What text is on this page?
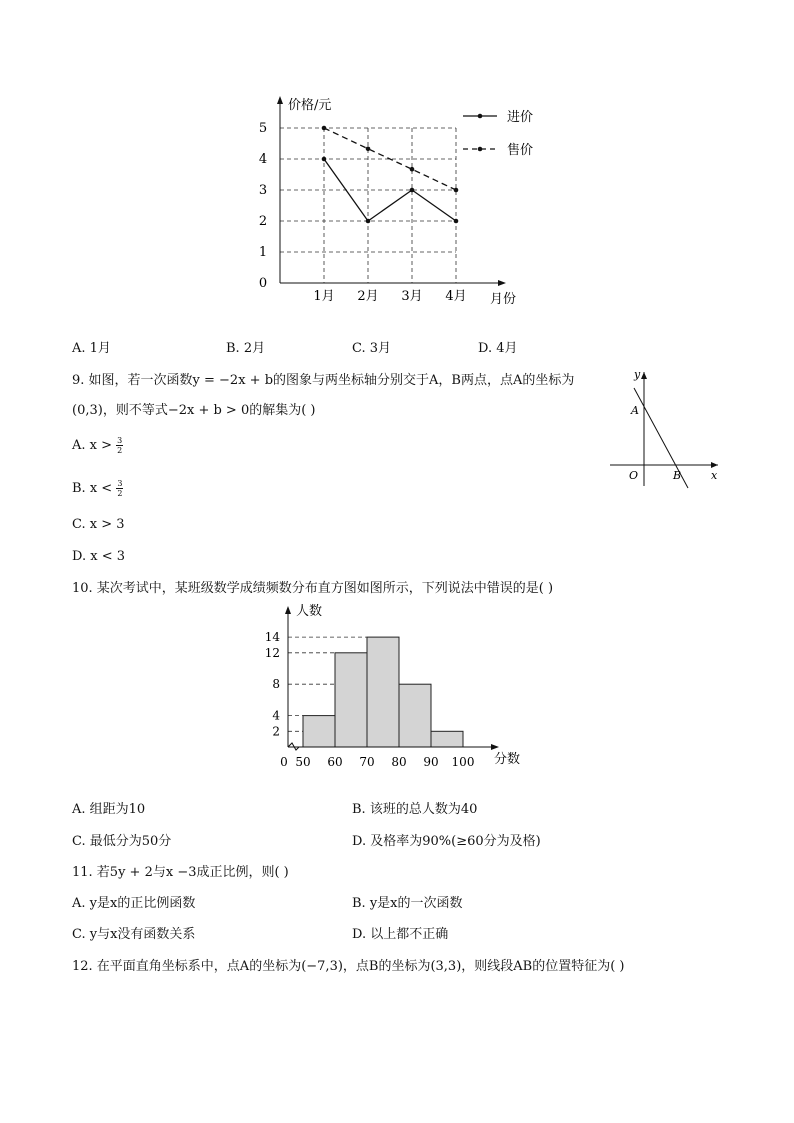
0
1
2
3
4
5
1月 2月 3月 4月
价格/元
月份
进价
售价
A. 1月	B. 2月	C. 3月	D. 4月
9. 如图，若一次函数y = −2x + b的图象与两坐标轴分别交于A，B两点，点A的坐标为
(0,3)，则不等式−2x + b > 0的解集为( )
A. $x > \frac{3}{2}$
B. $x < \frac{3}{2}$
C. x > 3
D. x < 3
y
x
A
O	B
10. 某次考试中，某班级数学成绩频数分布直方图如图所示，下列说法中错误的是( )
2
4
8
12
14
0 50 60 70 80 90 100
人数
分数
A. 组距为10	B. 该班的总人数为40
C. 最低分为50分	D. 及格率为90%(≥60分为及格)
11. 若5y + 2与x −3成正比例，则( )
A. y是x的正比例函数	B. y是x的一次函数
C. y与x没有函数关系	D. 以上都不正确
12. 在平面直角坐标系中，点A的坐标为(−7,3)，点B的坐标为(3,3)，则线段AB的位置特征为( )
